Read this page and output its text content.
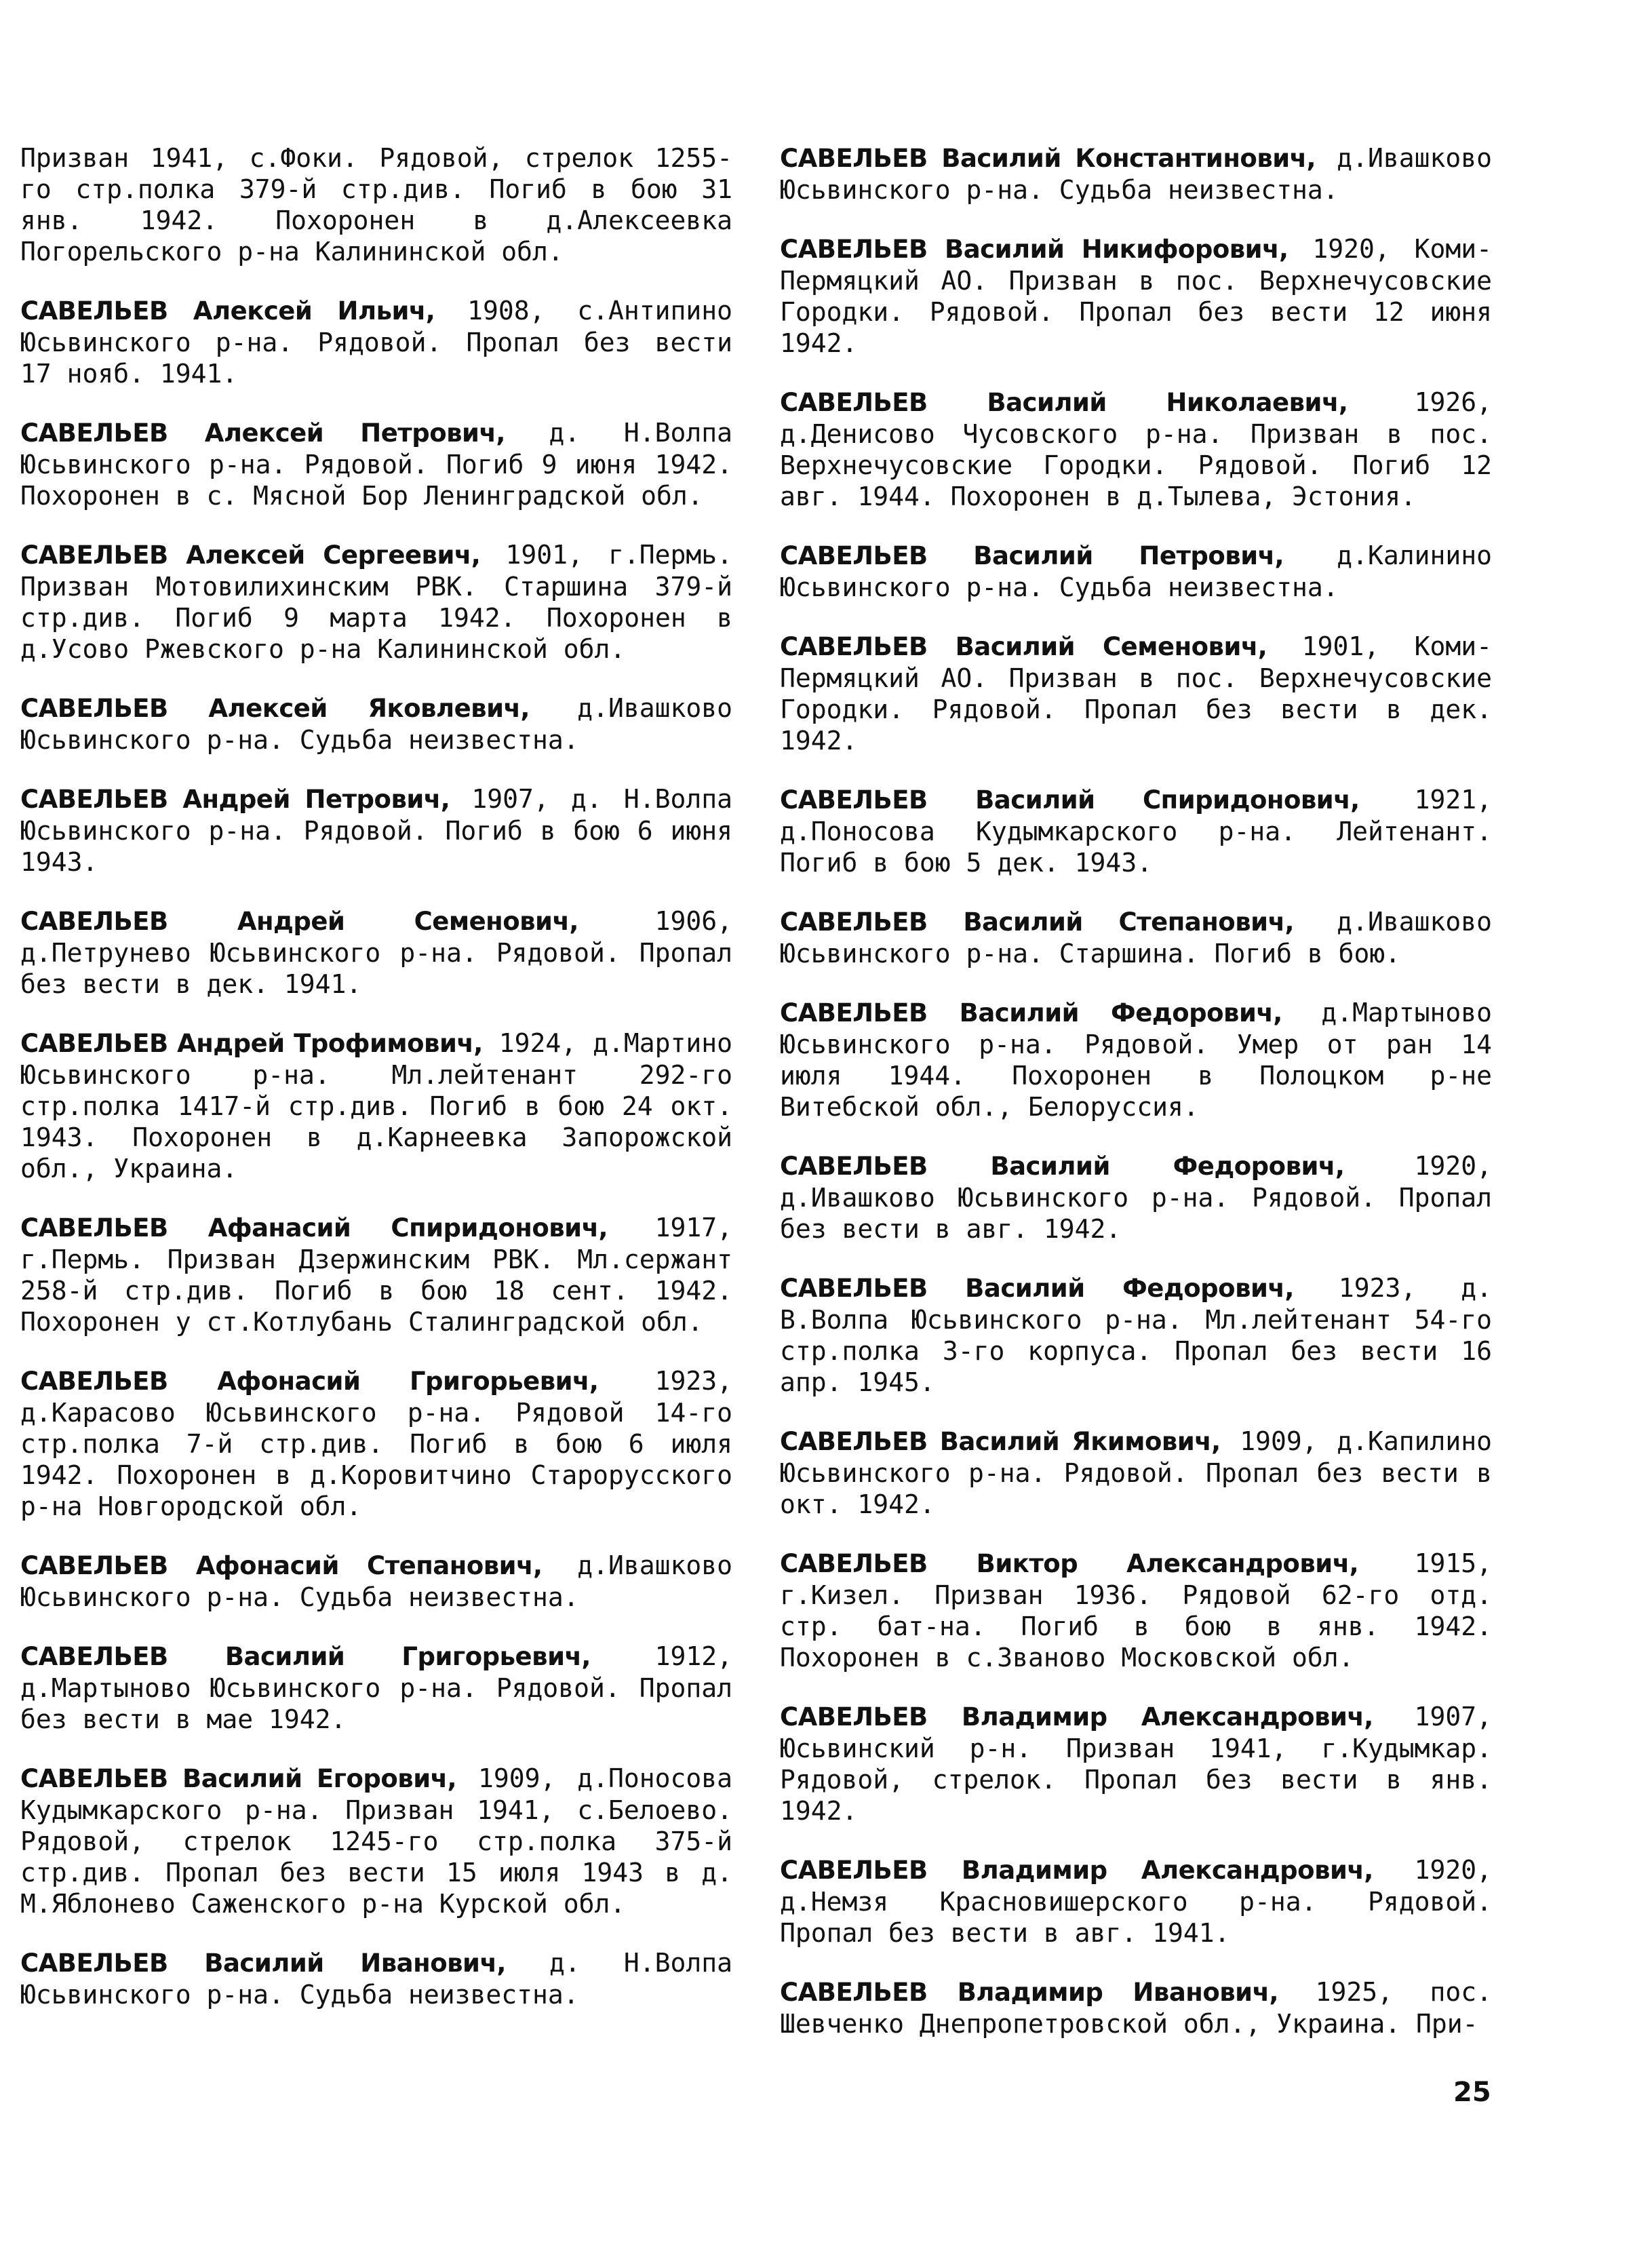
Призван 1941, с.Фоки. Рядовой, стрелок 1255-го стр.полка 379-й стр.див. Погиб в бою 31 янв. 1942. Похоронен в д.Алексеевка Погорельского р-на Калининской обл.

САВЕЛЬЕВ Алексей Ильич, 1908, с.Антипино Юсьвинского р-на. Рядовой. Пропал без вести 17 нояб. 1941.

САВЕЛЬЕВ Алексей Петрович, д. Н.Волпа Юсьвинского р-на. Рядовой. Погиб 9 июня 1942. Похоронен в с. Мясной Бор Ленинградской обл.

САВЕЛЬЕВ Алексей Сергеевич, 1901, г.Пермь. Призван Мотовилихинским РВК. Старшина 379-й стр.див. Погиб 9 марта 1942. Похоронен в д.Усово Ржевского р-на Калининской обл.

САВЕЛЬЕВ Алексей Яковлевич, д.Ивашково Юсьвинского р-на. Судьба неизвестна.

САВЕЛЬЕВ Андрей Петрович, 1907, д. Н.Волпа Юсьвинского р-на. Рядовой. Погиб в бою 6 июня 1943.

САВЕЛЬЕВ Андрей Семенович,	1906, д.Петрунево Юсьвинского р-на. Рядовой. Пропал без вести в дек. 1941.

САВЕЛЬЕВ Андрей Трофимович, 1924, д.Мартино Юсьвинского р-на. Мл.лейтенант 292-го стр.полка 1417-й стр.див. Погиб в бою 24 окт. 1943. Похоронен в д.Карнеевка Запорожской обл., Украина.

САВЕЛЬЕВ Афанасий Спиридонович, 1917, г.Пермь. Призван Дзержинским РВК. Мл.сержант 258-й стр.див. Погиб в бою 18 сент. 1942. Похоронен у ст.Котлубань Сталинградской обл.

САВЕЛЬЕВ Афонасий Григорьевич, 1923, д.Карасово Юсьвинского р-на. Рядовой 14-го стр.полка 7-й стр.див. Погиб в бою 6 июля 1942. Похоронен в д.Коровитчино Старорусского р-на Новгородской обл.

САВЕЛЬЕВ Афонасий Степанович, д.Ивашково Юсьвинского р-на. Судьба неизвестна.

САВЕЛЬЕВ Василий Григорьевич, 1912, д.Мартыново Юсьвинского р-на. Рядовой. Пропал без вести в мае 1942.

САВЕЛЬЕВ Василий Егорович, 1909, д.Поносова Кудымкарского р-на. Призван 1941, с.Белоево. Рядовой, стрелок 1245-го стр.полка 375-й стр.див. Пропал без вести 15 июля 1943 в д. М.Яблонево Саженского р-на Курской обл.

САВЕЛЬЕВ Василий Иванович, д. Н.Волпа Юсьвинского р-на. Судьба неизвестна.

САВЕЛЬЕВ Василий Константинович, д.Ивашково Юсьвинского р-на. Судьба неизвестна.

САВЕЛЬЕВ Василий Никифорович, 1920, Коми-Пермяцкий АО. Призван в пос. Верхнечусовские Городки. Рядовой. Пропал без вести 12 июня 1942.

САВЕЛЬЕВ Василий Николаевич,	1926, д.Денисово Чусовского р-на. Призван в пос. Верхнечусовские Городки. Рядовой. Погиб 12 авг. 1944. Похоронен в д.Тылева, Эстония.

САВЕЛЬЕВ Василий Петрович, д.Калинино Юсьвинского р-на. Судьба неизвестна.

САВЕЛЬЕВ Василий Семенович, 1901, Коми-Пермяцкий АО. Призван в пос. Верхнечусовские Городки. Рядовой. Пропал без вести в дек. 1942.

САВЕЛЬЕВ Василий Спиридонович, 1921, д.Поносова Кудымкарского р-на. Лейтенант. Погиб в бою 5 дек. 1943.

САВЕЛЬЕВ Василий Степанович, д.Ивашково Юсьвинского р-на. Старшина. Погиб в бою.

САВЕЛЬЕВ Василий Федорович, д.Мартыново Юсьвинского р-на. Рядовой. Умер от ран 14 июля 1944. Похоронен в Полоцком р-не Витебской обл., Белоруссия.

САВЕЛЬЕВ Василий Федорович,	1920, д.Ивашково Юсьвинского р-на. Рядовой. Пропал без вести в авг. 1942.

САВЕЛЬЕВ Василий Федорович, 1923, д. В.Волпа Юсьвинского р-на. Мл.лейтенант 54-го стр.полка 3-го корпуса. Пропал без вести 16 апр. 1945.

САВЕЛЬЕВ Василий Якимович, 1909, д.Капилино Юсьвинского р-на. Рядовой. Пропал без вести в окт. 1942.

САВЕЛЬЕВ Виктор Александрович, 1915, г.Кизел. Призван 1936. Рядовой 62-го отд. стр. бат-на. Погиб в бою в янв. 1942. Похоронен в с.Званово Московской обл.

САВЕЛЬЕВ Владимир Александрович, 1907, Юсьвинский р-н. Призван 1941, г.Кудымкар. Рядовой, стрелок. Пропал без вести в янв. 1942.

САВЕЛЬЕВ Владимир Александрович, 1920, д.Немзя Красновишерского р-на. Рядовой. Пропал без вести в авг. 1941.

САВЕЛЬЕВ Владимир Иванович, 1925, пос. Шевченко Днепропетровской обл., Украина. При-

25
